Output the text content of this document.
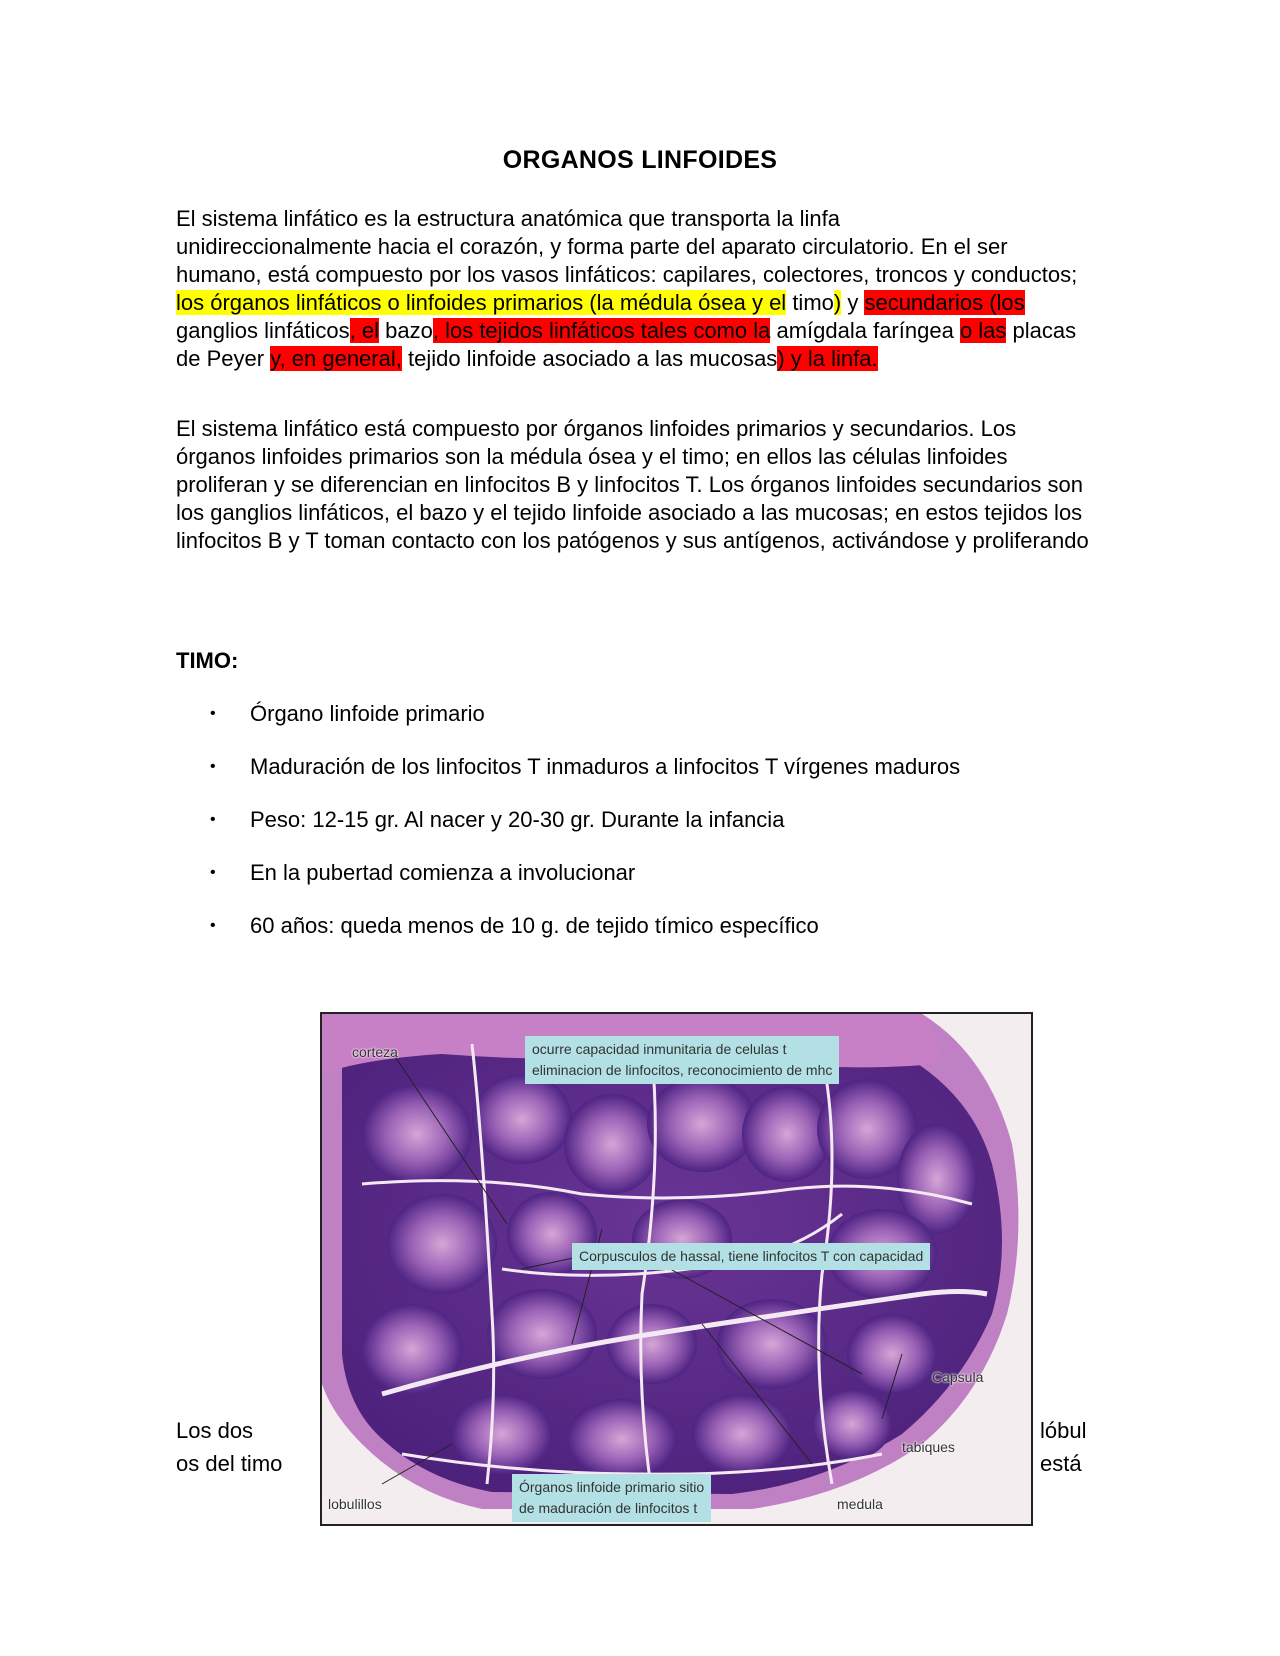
ORGANOS LINFOIDES
El sistema linfático es la estructura anatómica que transporta la linfa
unidireccionalmente hacia el corazón, y forma parte del aparato circulatorio. En el ser humano, está compuesto por los vasos linfáticos: capilares, colectores, troncos y conductos; los órganos linfáticos o linfoides primarios (la médula ósea y el timo) y secundarios (los ganglios linfáticos, el bazo, los tejidos linfáticos tales como la amígdala faríngea o las placas de Peyer y, en general, tejido linfoide asociado a las mucosas) y la linfa.
El sistema linfático está compuesto por órganos linfoides primarios y secundarios. Los órganos linfoides primarios son la médula ósea y el timo; en ellos las células linfoides proliferan y se diferencian en linfocitos B y linfocitos T. Los órganos linfoides secundarios son los ganglios linfáticos, el bazo y el tejido linfoide asociado a las mucosas; en estos tejidos los linfocitos B y T toman contacto con los patógenos y sus antígenos, activándose y proliferando
TIMO:
• Órgano linfoide primario
• Maduración de los linfocitos T inmaduros a linfocitos T vírgenes maduros
• Peso: 12-15 gr. Al nacer y 20-30 gr. Durante la infancia
• En la pubertad comienza a involucionar
• 60 años: queda menos de 10 g. de tejido tímico específico
Los dos
os del timo
lóbul
está
corteza	ocurre capacidad inmunitaria de celulas t
eliminacion de linfocitos, reconocimiento de mhc
Corpusculos de hassal, tiene linfocitos T con capacidad
Capsula
tabiques
lobulillos	medula
Órganos linfoide primario sitio
de maduración de linfocitos t
